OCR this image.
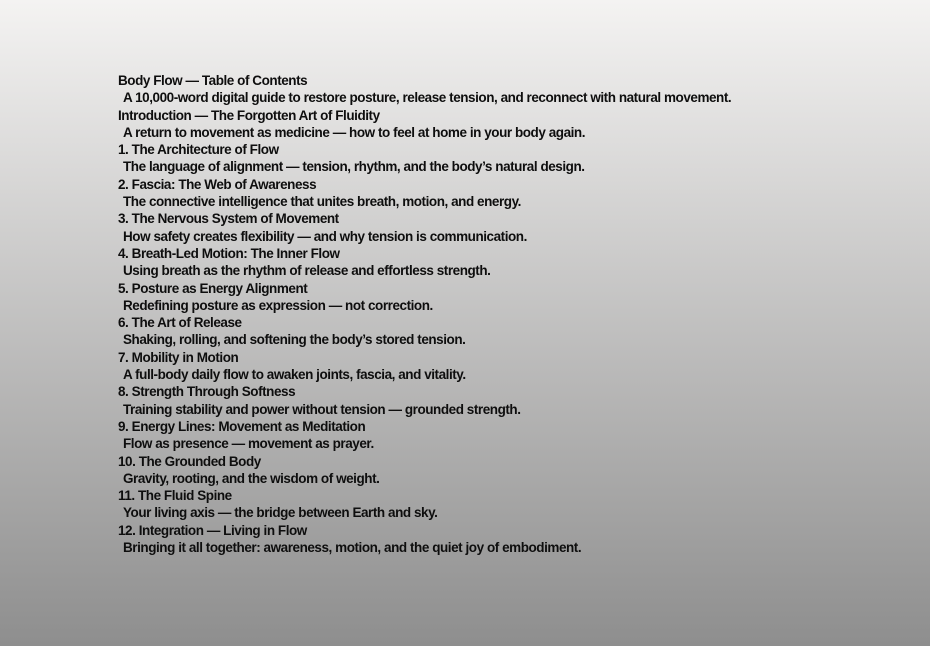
Body Flow — Table of Contents
A 10,000-word digital guide to restore posture, release tension, and reconnect with natural movement.
Introduction — The Forgotten Art of Fluidity
A return to movement as medicine — how to feel at home in your body again.
1. The Architecture of Flow
The language of alignment — tension, rhythm, and the body’s natural design.
2. Fascia: The Web of Awareness
The connective intelligence that unites breath, motion, and energy.
3. The Nervous System of Movement
How safety creates flexibility — and why tension is communication.
4. Breath-Led Motion: The Inner Flow
Using breath as the rhythm of release and effortless strength.
5. Posture as Energy Alignment
Redefining posture as expression — not correction.
6. The Art of Release
Shaking, rolling, and softening the body’s stored tension.
7. Mobility in Motion
A full-body daily flow to awaken joints, fascia, and vitality.
8. Strength Through Softness
Training stability and power without tension — grounded strength.
9. Energy Lines: Movement as Meditation
Flow as presence — movement as prayer.
10. The Grounded Body
Gravity, rooting, and the wisdom of weight.
11. The Fluid Spine
Your living axis — the bridge between Earth and sky.
12. Integration — Living in Flow
Bringing it all together: awareness, motion, and the quiet joy of embodiment.
